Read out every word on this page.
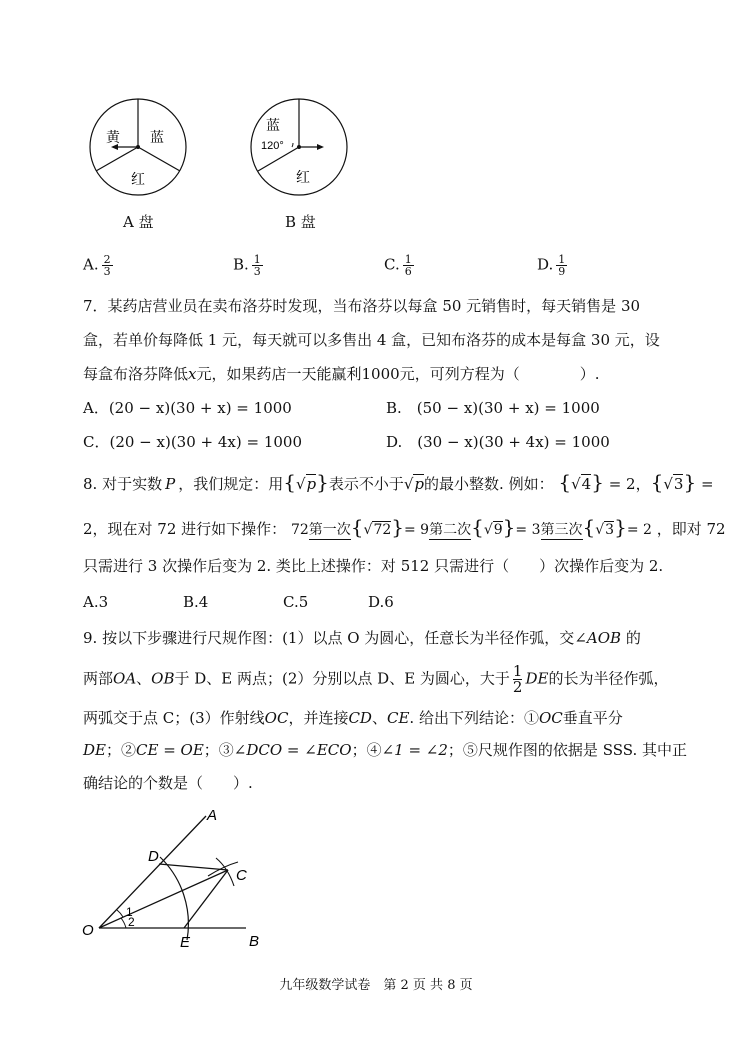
黄 蓝
红
A 盘
蓝
120°
红
B 盘
A. $\frac{2}{3}$	B. $\frac{1}{3}$	C. $\frac{1}{6}$	D. $\frac{1}{9}$
7．某药店营业员在卖布洛芬时发现，当布洛芬以每盒 50 元销售时，每天销售是 30
盒，若单价每降低 1 元，每天就可以多售出 4 盒，已知布洛芬的成本是每盒 30 元，设
每盒布洛芬降低x元，如果药店一天能赢利1000元，可列方程为（　　　　）.
A．(20 − x)(30 + x) = 1000	B.　(50 − x)(30 + x) = 1000
C．(20 − x)(30 + 4x) = 1000	D.　(30 − x)(30 + 4x) = 1000
8. 对于实数 P ，我们规定：用{√p}表示不小于√p的最小整数. 例如： {√4} = 2，{√3} =
2，现在对 72 进行如下操作： 72第一次{√72}= 9第二次{√9}= 3第三次{√3}= 2 ，即对 72
只需进行 3 次操作后变为 2. 类比上述操作：对 512 只需进行（　　）次操作后变为 2.
A.3	B.4	C.5	D.6
9. 按以下步骤进行尺规作图：(1）以点 O 为圆心，任意长为半径作弧，交∠AOB 的
两部OA、OB于 D、E 两点；(2）分别以点 D、E 为圆心，大于 $\frac{1}{2}$ DE的长为半径作弧，
两弧交于点 C；(3）作射线OC，并连接CD、CE. 给出下列结论：①OC垂直平分
DE；②CE = OE；③∠DCO = ∠ECO；④∠1 = ∠2；⑤尺规作图的依据是 SSS. 其中正
确结论的个数是（　　）.
A
B
C
D
E
O
1
2
九年级数学试卷　第 2 页 共 8 页
